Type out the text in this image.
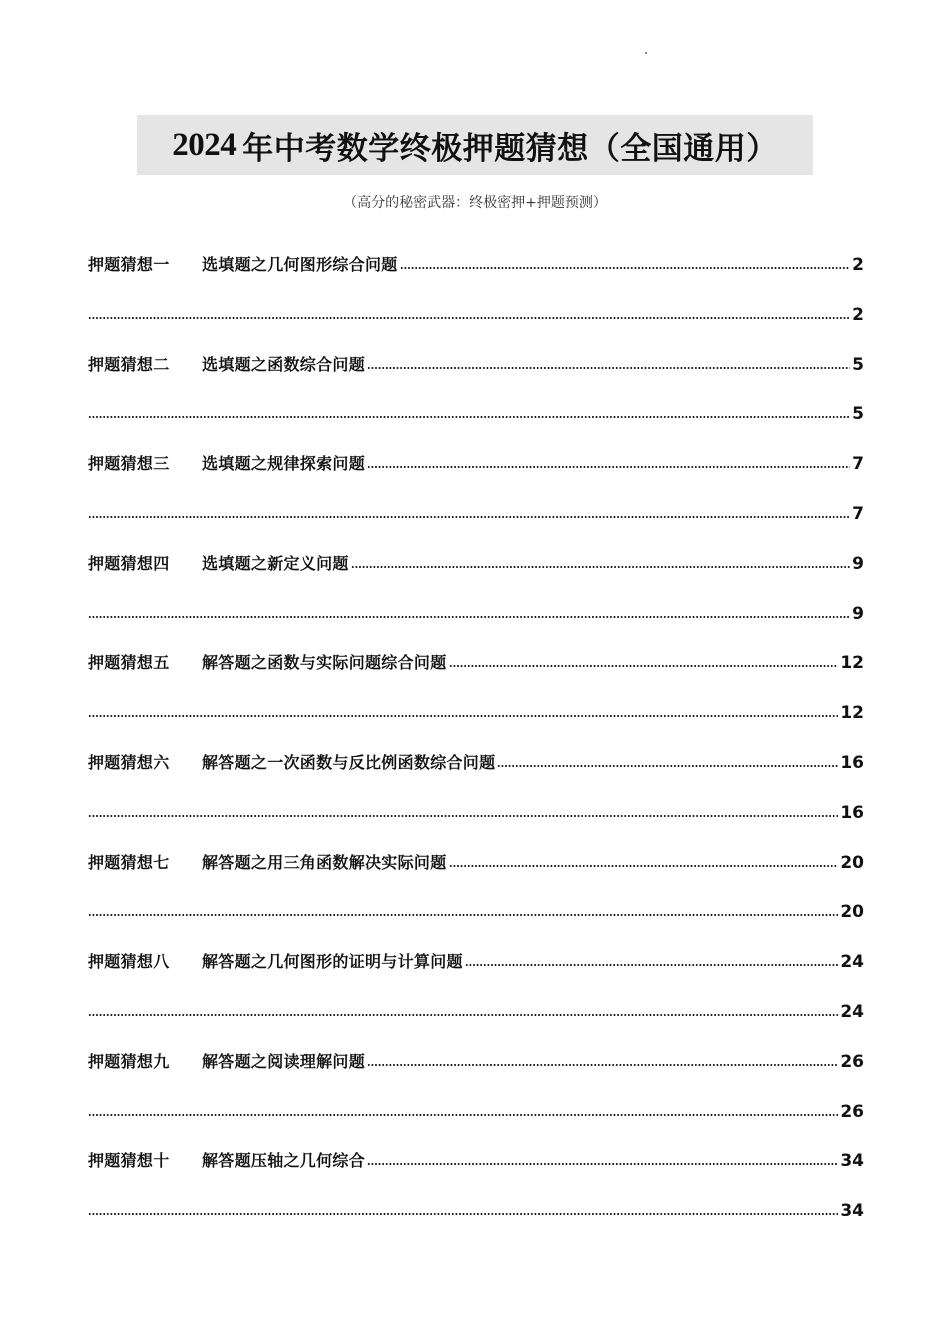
2024 年中考数学终极押题猜想（全国通用）
（高分的秘密武器：终极密押+押题预测）
押题猜想一 选填题之几何图形综合问题	2
2
押题猜想二 选填题之函数综合问题	5
5
押题猜想三 选填题之规律探索问题	7
7
押题猜想四 选填题之新定义问题	9
9
押题猜想五 解答题之函数与实际问题综合问题	12
12
押题猜想六 解答题之一次函数与反比例函数综合问题	16
16
押题猜想七 解答题之用三角函数解决实际问题	20
20
押题猜想八 解答题之几何图形的证明与计算问题	24
24
押题猜想九 解答题之阅读理解问题	26
26
押题猜想十 解答题压轴之几何综合	34
34
